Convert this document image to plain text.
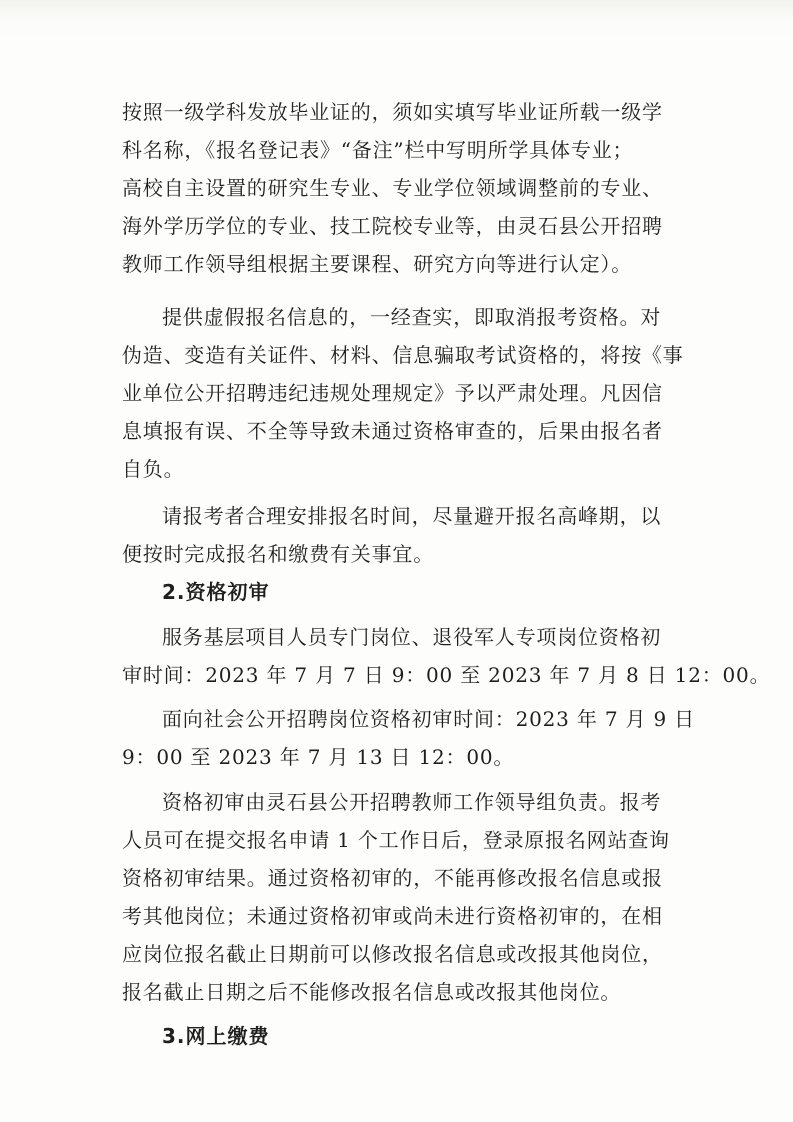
按照一级学科发放毕业证的，须如实填写毕业证所载一级学
科名称，《报名登记表》“备注”栏中写明所学具体专业；
高校自主设置的研究生专业、专业学位领域调整前的专业、
海外学历学位的专业、技工院校专业等，由灵石县公开招聘
教师工作领导组根据主要课程、研究方向等进行认定）。
提供虚假报名信息的，一经查实，即取消报考资格。对
伪造、变造有关证件、材料、信息骗取考试资格的，将按《事
业单位公开招聘违纪违规处理规定》予以严肃处理。凡因信
息填报有误、不全等导致未通过资格审查的，后果由报名者
自负。
请报考者合理安排报名时间，尽量避开报名高峰期，以
便按时完成报名和缴费有关事宜。
2.资格初审
服务基层项目人员专门岗位、退役军人专项岗位资格初
审时间：2023 年 7 月 7 日 9：00 至 2023 年 7 月 8 日 12：00。
面向社会公开招聘岗位资格初审时间：2023 年 7 月 9 日
9：00 至 2023 年 7 月 13 日 12：00。
资格初审由灵石县公开招聘教师工作领导组负责。报考
人员可在提交报名申请 1 个工作日后，登录原报名网站查询
资格初审结果。通过资格初审的，不能再修改报名信息或报
考其他岗位；未通过资格初审或尚未进行资格初审的，在相
应岗位报名截止日期前可以修改报名信息或改报其他岗位，
报名截止日期之后不能修改报名信息或改报其他岗位。
3.网上缴费
